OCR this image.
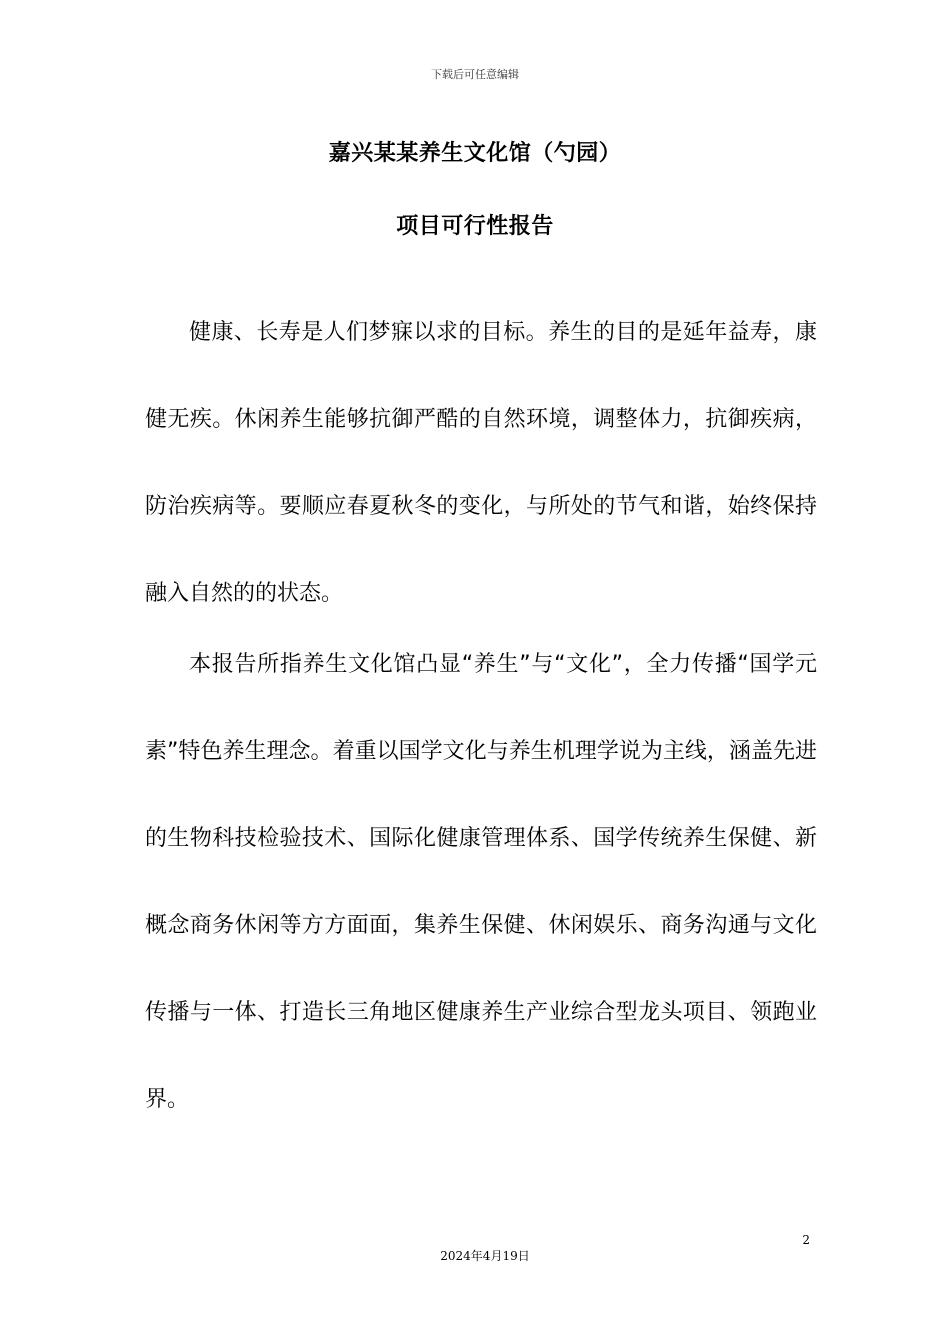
下载后可任意编辑
嘉兴某某养生文化馆（勺园）
项目可行性报告

健康、长寿是人们梦寐以求的目标。养生的目的是延年益寿，康健无疾。休闲养生能够抗御严酷的自然环境，调整体力，抗御疾病，防治疾病等。要顺应春夏秋冬的变化，与所处的节气和谐，始终保持融入自然的的状态。

本报告所指养生文化馆凸显“养生”与“文化”，全力传播“国学元素”特色养生理念。着重以国学文化与养生机理学说为主线，涵盖先进的生物科技检验技术、国际化健康管理体系、国学传统养生保健、新概念商务休闲等方方面面，集养生保健、休闲娱乐、商务沟通与文化传播与一体、打造长三角地区健康养生产业综合型龙头项目、领跑业界。

2
2024年4月19日
